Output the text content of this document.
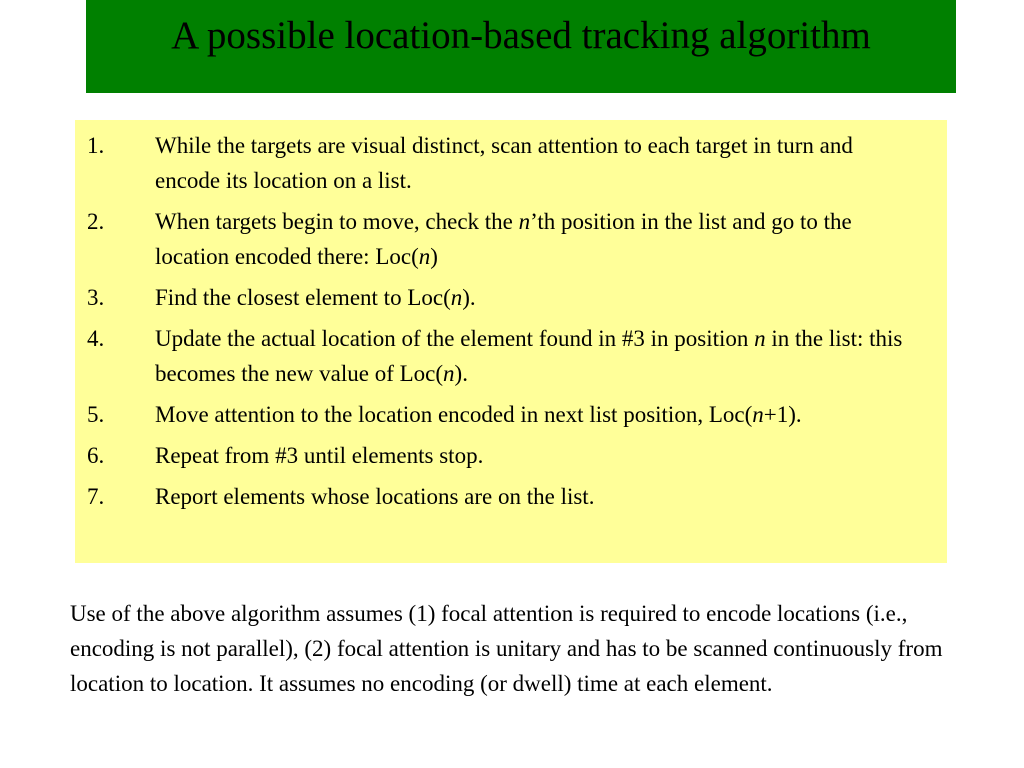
A possible location-based tracking algorithm
1. While the targets are visual distinct, scan attention to each target in turn and encode its location on a list.
2. When targets begin to move, check the n’th position in the list and go to the location encoded there: Loc(n)
3. Find the closest element to Loc(n).
4. Update the actual location of the element found in #3 in position n in the list: this becomes the new value of Loc(n).
5. Move attention to the location encoded in next list position, Loc(n+1).
6. Repeat from #3 until elements stop.
7. Report elements whose locations are on the list.

Use of the above algorithm assumes (1) focal attention is required to encode locations (i.e., encoding is not parallel), (2) focal attention is unitary and has to be scanned continuously from location to location. It assumes no encoding (or dwell) time at each element.
